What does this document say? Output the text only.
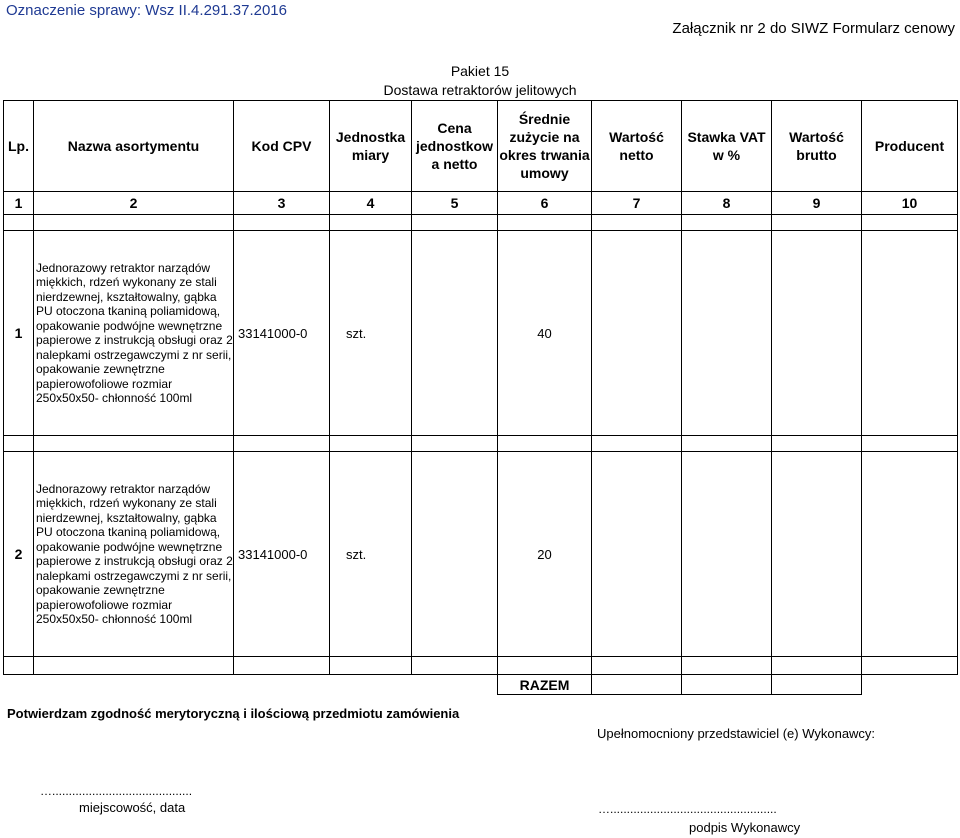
Oznaczenie sprawy: Wsz II.4.291.37.2016
Załącznik nr 2 do SIWZ Formularz cenowy
Pakiet 15
Dostawa retraktorów jelitowych
Lp.	Nazwa asortymentu	Kod CPV	Jednostka miary	Cena jednostkow a netto	Średnie zużycie na okres trwania umowy	Wartość netto	Stawka VAT w %	Wartość brutto	Producent
1	2	3	4	5	6	7	8	9	10

1	Jednorazowy retraktor narządów miękkich, rdzeń wykonany ze stali nierdzewnej, kształtowalny, gąbka PU otoczona tkaniną poliamidową, opakowanie podwójne wewnętrzne papierowe z instrukcją obsługi oraz 2 nalepkami ostrzegawczymi z nr serii, opakowanie zewnętrzne papierowofoliowe rozmiar 250x50x50- chłonność 100ml	33141000-0	szt.		40				

2	Jednorazowy retraktor narządów miękkich, rdzeń wykonany ze stali nierdzewnej, kształtowalny, gąbka PU otoczona tkaniną poliamidową, opakowanie podwójne wewnętrzne papierowe z instrukcją obsługi oraz 2 nalepkami ostrzegawczymi z nr serii, opakowanie zewnętrzne papierowofoliowe rozmiar 250x50x50- chłonność 100ml	33141000-0	szt.		20				

					RAZEM				
Potwierdzam zgodność merytoryczną i ilościową przedmiotu zamówienia
Upełnomocniony przedstawiciel (e) Wykonawcy:
…..........................................
miejscowość, data	…..................................................
podpis Wykonawcy
